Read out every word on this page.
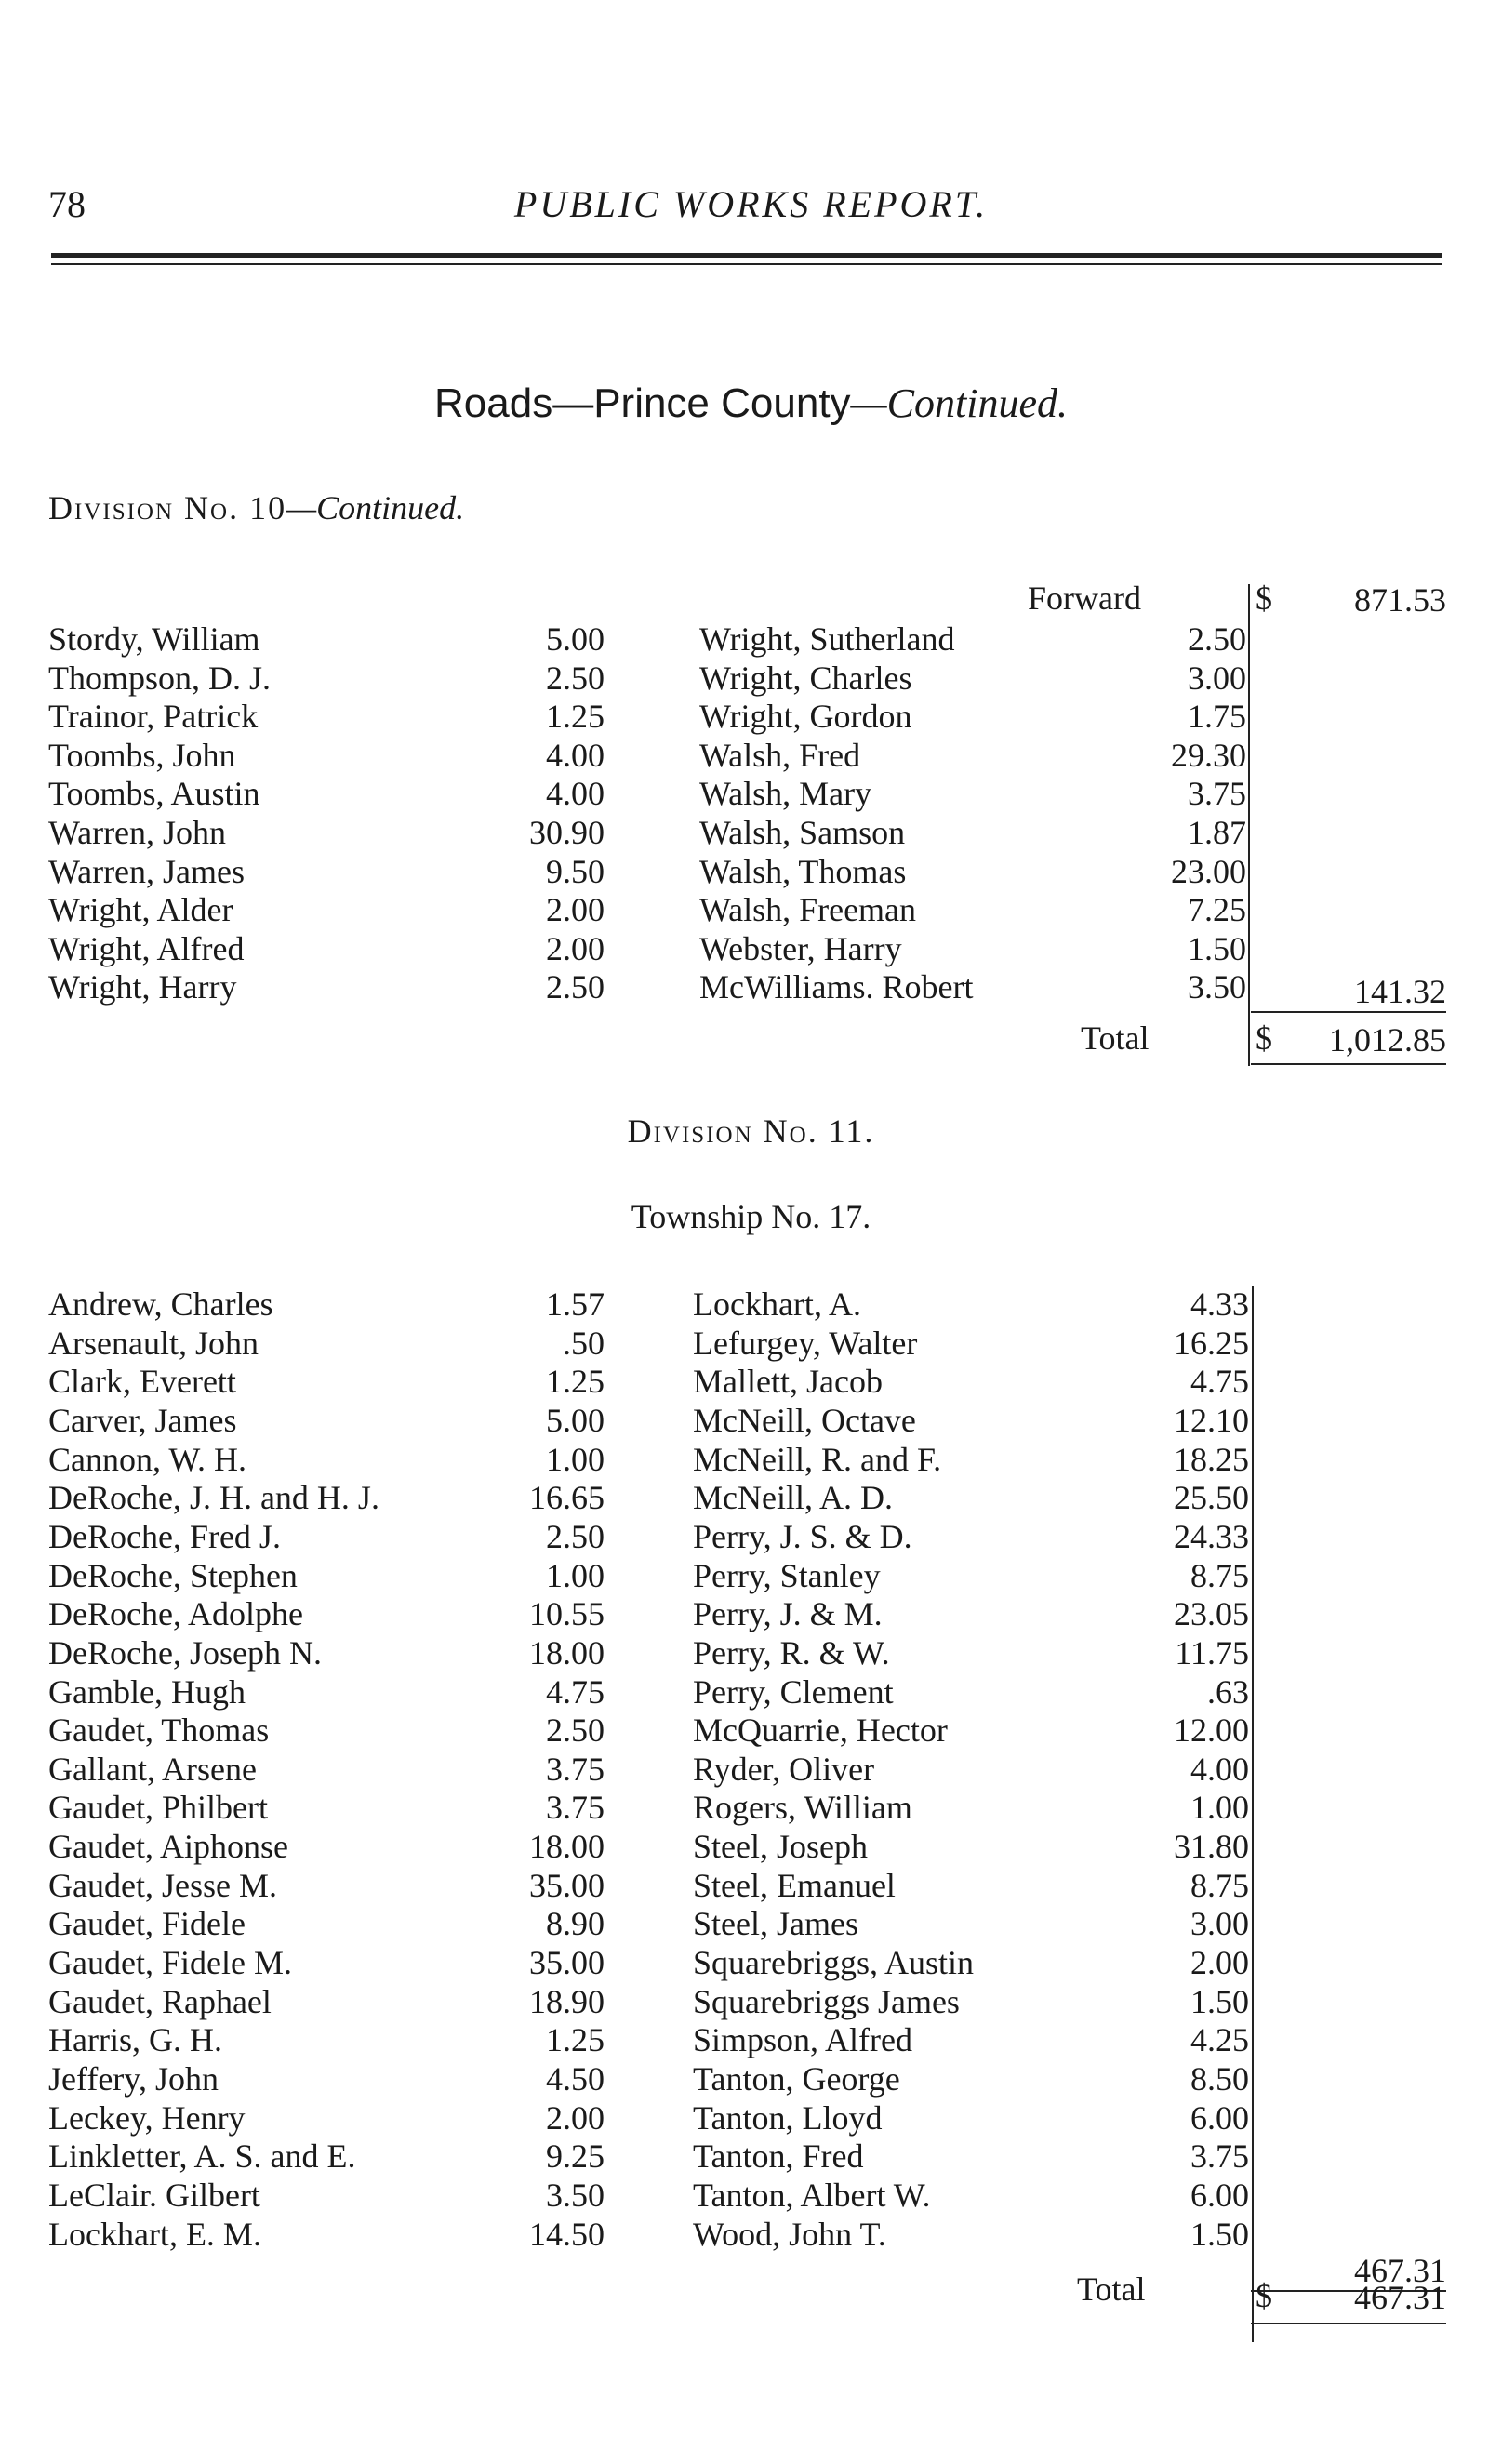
78	PUBLIC WORKS REPORT.
Roads—Prince County—Continued.
Division No. 10—Continued.
Forward	$	871.53
Stordy, William	5.00
Thompson, D. J.	2.50
Trainor, Patrick	1.25
Toombs, John	4.00
Toombs, Austin	4.00
Warren, John	30.90
Warren, James	9.50
Wright, Alder	2.00
Wright, Alfred	2.00
Wright, Harry	2.50
Wright, Sutherland	2.50
Wright, Charles	3.00
Wright, Gordon	1.75
Walsh, Fred	29.30
Walsh, Mary	3.75
Walsh, Samson	1.87
Walsh, Thomas	23.00
Walsh, Freeman	7.25
Webster, Harry	1.50
McWilliams. Robert	3.50	141.32
Total	$	1,012.85
Division No. 11.
Township No. 17.
Andrew, Charles	1.57
Arsenault, John	.50
Clark, Everett	1.25
Carver, James	5.00
Cannon, W. H.	1.00
DeRoche, J. H. and H. J.	16.65
DeRoche, Fred J.	2.50
DeRoche, Stephen	1.00
DeRoche, Adolphe	10.55
DeRoche, Joseph N.	18.00
Gamble, Hugh	4.75
Gaudet, Thomas	2.50
Gallant, Arsene	3.75
Gaudet, Philbert	3.75
Gaudet, Aiphonse	18.00
Gaudet, Jesse M.	35.00
Gaudet, Fidele	8.90
Gaudet, Fidele M.	35.00
Gaudet, Raphael	18.90
Harris, G. H.	1.25
Jeffery, John	4.50
Leckey, Henry	2.00
Linkletter, A. S. and E.	9.25
LeClair. Gilbert	3.50
Lockhart, E. M.	14.50
Lockhart, A.	4.33
Lefurgey, Walter	16.25
Mallett, Jacob	4.75
McNeill, Octave	12.10
McNeill, R. and F.	18.25
McNeill, A. D.	25.50
Perry, J. S. & D.	24.33
Perry, Stanley	8.75
Perry, J. & M.	23.05
Perry, R. & W.	11.75
Perry, Clement	.63
McQuarrie, Hector	12.00
Ryder, Oliver	4.00
Rogers, William	1.00
Steel, Joseph	31.80
Steel, Emanuel	8.75
Steel, James	3.00
Squarebriggs, Austin	2.00
Squarebriggs James	1.50
Simpson, Alfred	4.25
Tanton, George	8.50
Tanton, Lloyd	6.00
Tanton, Fred	3.75
Tanton, Albert W.	6.00
Wood, John T.	1.50
467.31
Total	$	467.31
